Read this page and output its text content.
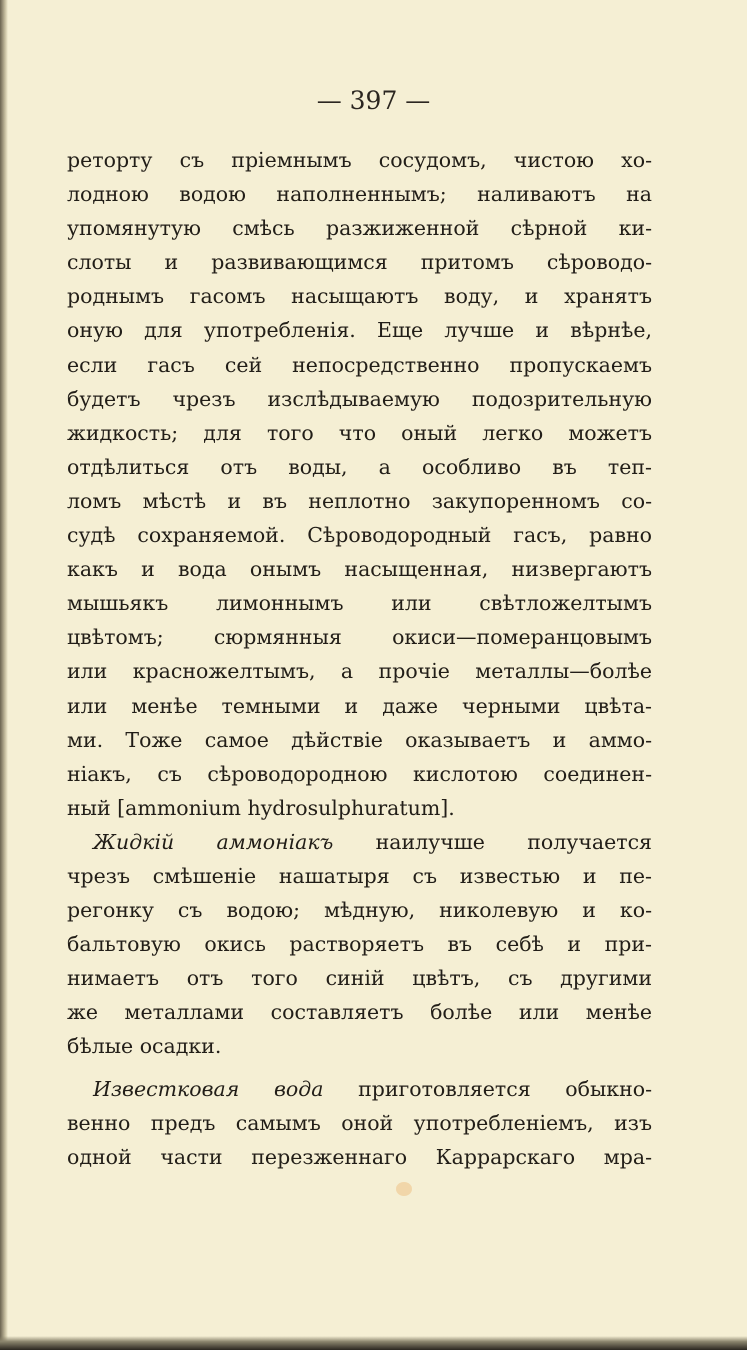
— 397 —
реторту съ пріемнымъ сосудомъ, чистою хо-
лодною водою наполненнымъ; наливаютъ на
упомянутую смѣсь разжиженной сѣрной ки-
слоты и развивающимся притомъ сѣроводо-
роднымъ гасомъ насыщаютъ воду, и хранятъ
оную для употребленія. Еще лучше и вѣрнѣе,
если гасъ сей непосредственно пропускаемъ
будетъ чрезъ изслѣдываемую подозрительную
жидкость; для того что оный легко можетъ
отдѣлиться отъ воды, а особливо въ теп-
ломъ мѣстѣ и въ неплотно закупоренномъ со-
судѣ сохраняемой. Сѣроводородный гасъ, равно
какъ и вода онымъ насыщенная, низвергаютъ
мышьякъ лимоннымъ или свѣтложелтымъ
цвѣтомъ; сюрмянныя окиси—померанцовымъ
или красножелтымъ, а прочіе металлы—болѣе
или менѣе темными и даже черными цвѣта-
ми. Тоже самое дѣйствіе оказываетъ и аммо-
ніакъ, съ сѣроводородною кислотою соединен-
ный [ammonium hydrosulphuratum].
Жидкій аммоніакъ наилучше получается
чрезъ смѣшеніе нашатыря съ известью и пе-
регонку съ водою; мѣдную, николевую и ко-
бальтовую окись растворяетъ въ себѣ и при-
нимаетъ отъ того синій цвѣтъ, съ другими
же металлами составляетъ болѣе или менѣе
бѣлые осадки.
Известковая вода приготовляется обыкно-
венно предъ самымъ оной употребленіемъ, изъ
одной части перезженнаго Каррарскаго мра-
